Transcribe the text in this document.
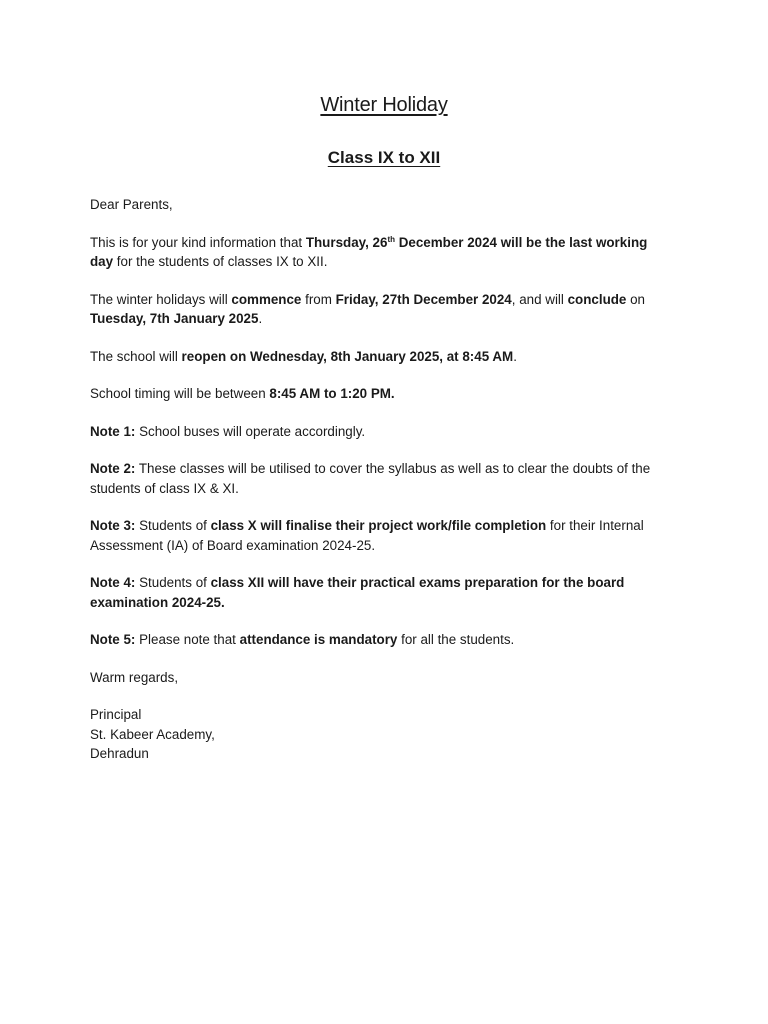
Winter Holiday
Class IX to XII

Dear Parents,

This is for your kind information that Thursday, 26th December 2024 will be the last working day for the students of classes IX to XII.

The winter holidays will commence from Friday, 27th December 2024, and will conclude on Tuesday, 7th January 2025.

The school will reopen on Wednesday, 8th January 2025, at 8:45 AM.

School timing will be between 8:45 AM to 1:20 PM.

Note 1: School buses will operate accordingly.

Note 2: These classes will be utilised to cover the syllabus as well as to clear the doubts of the students of class IX & XI.

Note 3: Students of class X will finalise their project work/file completion for their Internal Assessment (IA) of Board examination 2024-25.

Note 4: Students of class XII will have their practical exams preparation for the board examination 2024-25.

Note 5: Please note that attendance is mandatory for all the students.

Warm regards,

Principal

St. Kabeer Academy,

Dehradun
